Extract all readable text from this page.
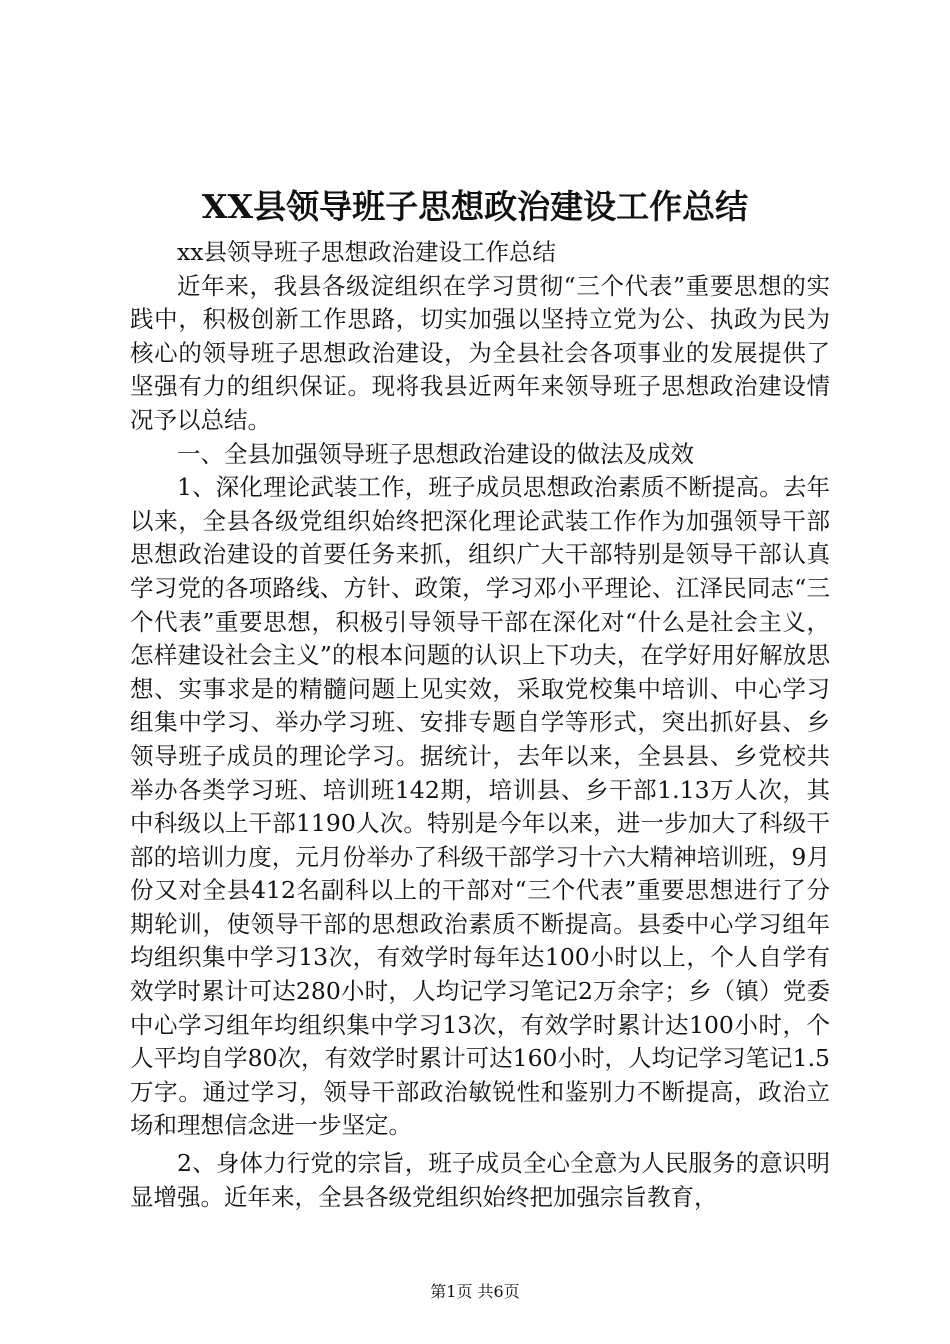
XX县领导班子思想政治建设工作总结

xx县领导班子思想政治建设工作总结

近年来，我县各级淀组织在学习贯彻“三个代表”重要思想的实践中，积极创新工作思路，切实加强以坚持立党为公、执政为民为核心的领导班子思想政治建设，为全县社会各项事业的发展提供了坚强有力的组织保证。现将我县近两年来领导班子思想政治建设情况予以总结。

一、全县加强领导班子思想政治建设的做法及成效

1、深化理论武装工作，班子成员思想政治素质不断提高。去年以来，全县各级党组织始终把深化理论武装工作作为加强领导干部思想政治建设的首要任务来抓，组织广大干部特别是领导干部认真学习党的各项路线、方针、政策，学习邓小平理论、江泽民同志“三个代表”重要思想，积极引导领导干部在深化对“什么是社会主义，怎样建设社会主义”的根本问题的认识上下功夫，在学好用好解放思想、实事求是的精髓问题上见实效，采取党校集中培训、中心学习组集中学习、举办学习班、安排专题自学等形式，突出抓好县、乡领导班子成员的理论学习。据统计，去年以来，全县县、乡党校共举办各类学习班、培训班142期，培训县、乡干部1.13万人次，其中科级以上干部1190人次。特别是今年以来，进一步加大了科级干部的培训力度，元月份举办了科级干部学习十六大精神培训班，9月份又对全县412名副科以上的干部对“三个代表”重要思想进行了分期轮训，使领导干部的思想政治素质不断提高。县委中心学习组年均组织集中学习13次，有效学时每年达100小时以上，个人自学有效学时累计可达280小时，人均记学习笔记2万余字；乡（镇）党委中心学习组年均组织集中学习13次，有效学时累计达100小时，个人平均自学80次，有效学时累计可达160小时，人均记学习笔记1.5万字。通过学习，领导干部政治敏锐性和鉴别力不断提高，政治立场和理想信念进一步坚定。

2、身体力行党的宗旨，班子成员全心全意为人民服务的意识明显增强。近年来，全县各级党组织始终把加强宗旨教育，

第1页 共6页
